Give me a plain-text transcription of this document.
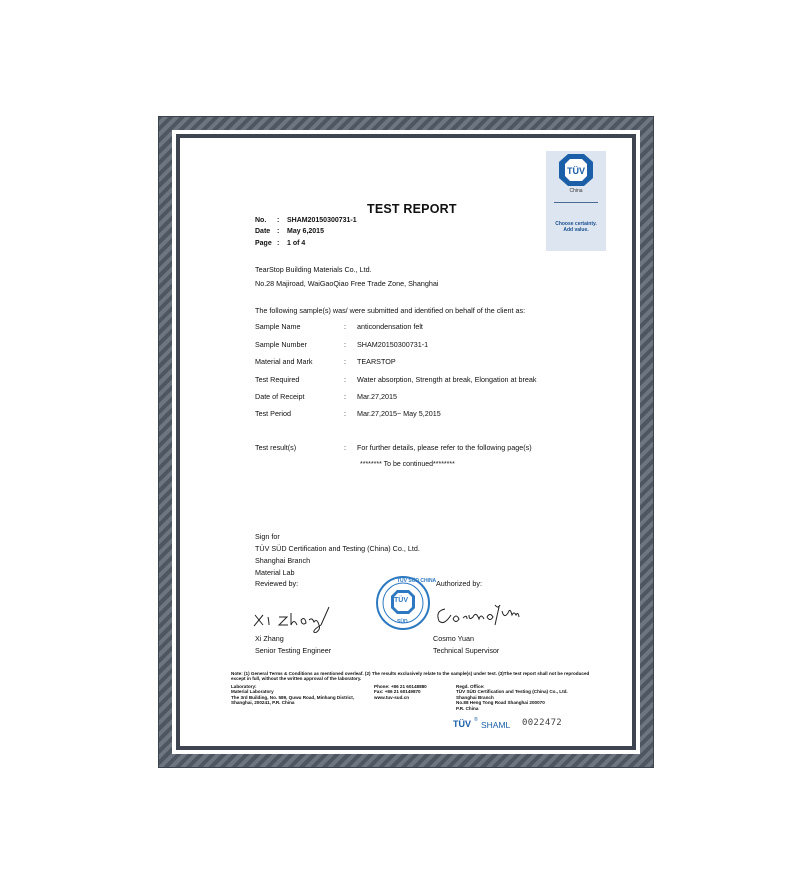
TÜV
China
Choose certainty.
Add value.
TEST REPORT
No. : SHAM20150300731-1
Date : May 6,2015
Page : 1 of 4
TearStop Building Materials Co., Ltd.
No.28 Majiroad, WaiGaoQiao Free Trade Zone, Shanghai
The following sample(s) was/ were submitted and identified on behalf of the client as:
Sample Name	: anticondensation felt
Sample Number	: SHAM20150300731-1
Material and Mark	: TEARSTOP
Test Required	: Water absorption, Strength at break, Elongation at break
Date of Receipt	: Mar.27,2015
Test Period	: Mar.27,2015~ May 5,2015
Test result(s)	: For further details, please refer to the following page(s)
******** To be continued********
Sign for
TÜV SÜD Certification and Testing (China) Co., Ltd.
Shanghai Branch
Material Lab
Reviewed by:	Authorized by:
TÜV SÜD CHINA
TÜV
SÜD
Xi Zhang
Senior Testing Engineer
Cosmo Yuan
Technical Supervisor
Note: (1) General Terms & Conditions as mentioned overleaf. (2) The results exclusively relate to the sample(s) under test. (3)The test report shall not be reproduced except in full, without the written approval of the laboratory.
Laboratory:
Material Laboratory
The 3rd Building, No. 589, Quwu Road, Minhang District,
Shanghai, 200241, P.R. China
Phone: +86 21 60148880
Fax: +86 21 60149870
www.tuv-sud.cn
Regd. Office:
TÜV SÜD Certification and Testing (China) Co., Ltd.
Shanghai Branch
No.88 Heng Tong Road Shanghai 200070
P.R. China
TÜV ® SHAML 0022472
